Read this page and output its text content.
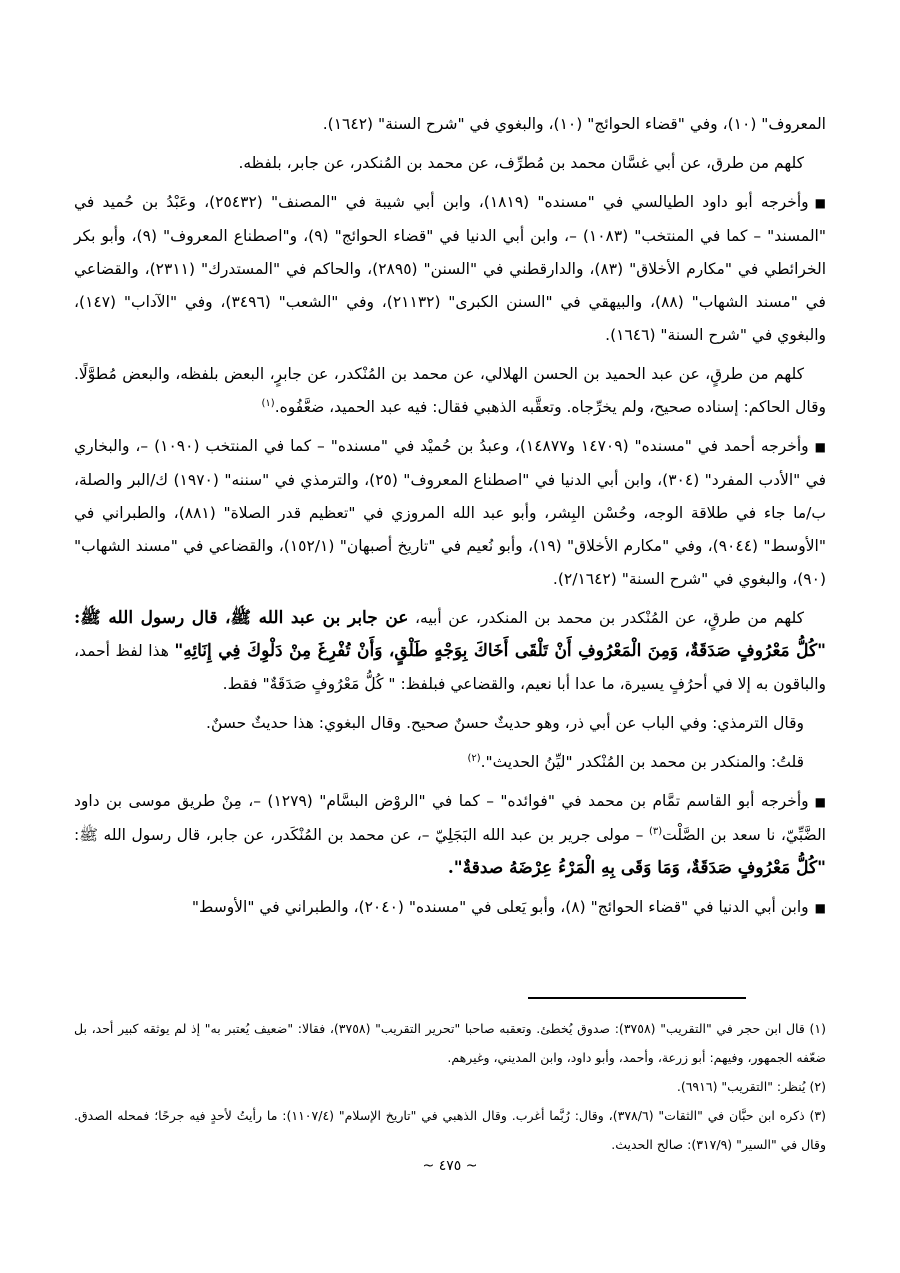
المعروف" (١٠)، وفي "قضاء الحوائج" (١٠)، والبغوي في "شرح السنة" (١٦٤٢).

كلهم من طرق، عن أبي غسَّان محمد بن مُطرِّف، عن محمد بن المُنكدر، عن جابر، بلفظه.

■وأخرجه أبو داود الطيالسي في "مسنده" (١٨١٩)، وابن أبي شيبة في "المصنف" (٢٥٤٣٢)، وعَبْدُ بن حُميد في "المسند" – كما في المنتخب" (١٠٨٣) –، وابن أبي الدنيا في "قضاء الحوائج" (٩)، و"اصطناع المعروف" (٩)، وأبو بكر الخرائطي في "مكارم الأخلاق" (٨٣)، والدارقطني في "السنن" (٢٨٩٥)، والحاكم في "المستدرك" (٢٣١١)، والقضاعي في "مسند الشهاب" (٨٨)، والبيهقي في "السنن الكبرى" (٢١١٣٢)، وفي "الشعب" (٣٤٩٦)، وفي "الآداب" (١٤٧)، والبغوي في "شرح السنة" (١٦٤٦).

كلهم من طرقٍ، عن عبد الحميد بن الحسن الهلالي، عن محمد بن المُنْكدر، عن جابرٍ، البعض بلفظه، والبعض مُطوَّلًا. وقال الحاكم: إسناده صحيح، ولم يخرِّجاه. وتعقَّبه الذهبي فقال: فيه عبد الحميد، ضعَّفُوه.$^{(١)}$

■وأخرجه أحمد في "مسنده" (١٤٧٠٩ و١٤٨٧٧)، وعبدُ بن حُميْد في "مسنده" – كما في المنتخب (١٠٩٠) –، والبخاري في "الأدب المفرد" (٣٠٤)، وابن أبي الدنيا في "اصطناع المعروف" (٢٥)، والترمذي في "سننه" (١٩٧٠) ك/البر والصلة، ب/ما جاء في طلاقة الوجه، وحُسْن البِشر، وأبو عبد الله المروزي في "تعظيم قدر الصلاة" (٨٨١)، والطبراني في "الأوسط" (٩٠٤٤)، وفي "مكارم الأخلاق" (١٩)، وأبو نُعيم في "تاريخ أصبهان" (١٥٢/١)، والقضاعي في "مسند الشهاب" (٩٠)، والبغوي في "شرح السنة" (٢/١٦٤٢).

كلهم من طرقٍ، عن المُنْكدر بن محمد بن المنكدر، عن أبيه، عن جابر بن عبد الله ﷺ، قال رسول الله ﷺ: "كُلُّ مَعْرُوفٍ صَدَقَةٌ، وَمِنَ الْمَعْرُوفِ أَنْ تَلْقَى أَخَاكَ بِوَجْهٍ طَلْقٍ، وَأَنْ تُفْرِغَ مِنْ دَلْوِكَ فِي إِنَائِهِ" هذا لفظ أحمد، والباقون به إلا في أحرُفٍ يسيرة، ما عدا أبا نعيم، والقضاعي فبلفظ: " كُلُّ مَعْرُوفٍ صَدَقَةٌ" فقط.

وقال الترمذي: وفي الباب عن أبي ذر، وهو حديثٌ حسنٌ صحيح. وقال البغوي: هذا حديثٌ حسنٌ.

قلتُ: والمنكدر بن محمد بن المُنْكدر "ليِّنُ الحديث".$^{(٢)}$

■وأخرجه أبو القاسم تمَّام بن محمد في "فوائده" – كما في "الروْض البسَّام" (١٢٧٩) –، مِنْ طريق موسى بن داود الضَّبِّيّ، نا سعد بن الصَّلْت$^{(٣)}$ – مولى جرير بن عبد الله البَجَلِيّ –، عن محمد بن المُنْكَدر، عن جابر، قال رسول الله ﷺ: "كُلُّ مَعْرُوفٍ صَدَقَةٌ، وَمَا وَقَى بِهِ الْمَرْءُ عِرْضَهُ صدقةٌ".

■وابن أبي الدنيا في "قضاء الحوائج" (٨)، وأبو يَعلى في "مسنده" (٢٠٤٠)، والطبراني في "الأوسط"

(١) قال ابن حجر في "التقريب" (٣٧٥٨): صدوق يُخطئ. وتعقبه صاحبا "تحرير التقريب" (٣٧٥٨)، فقالا: "ضعيف يُعتبر به" إذ لم يوثقه كبير أحد، بل ضعّفه الجمهور، وفيهم: أبو زرعة، وأحمد، وأبو داود، وابن المديني، وغيرهم.

(٢) يُنظر: "التقريب" (٦٩١٦).

(٣) ذكره ابن حبَّان في "الثقات" (٣٧٨/٦)، وقال: رُبَّما أغرب. وقال الذهبي في "تاريخ الإسلام" (١١٠٧/٤): ما رأيتُ لأحدٍ فيه جرحًا؛ فمحله الصدق. وقال في "السير" (٣١٧/٩): صالح الحديث.

~ ٤٧٥ ~
